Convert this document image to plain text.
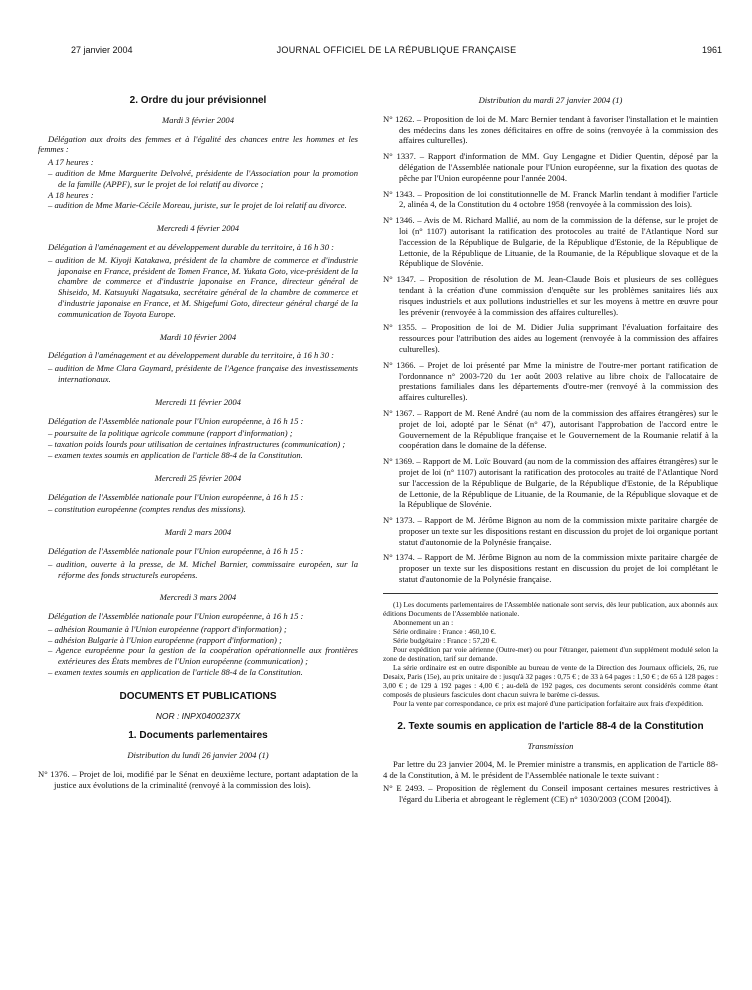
27 janvier 2004	JOURNAL OFFICIEL DE LA RÉPUBLIQUE FRANÇAISE	1961
2. Ordre du jour prévisionnel
Mardi 3 février 2004
Délégation aux droits des femmes et à l'égalité des chances entre les hommes et les femmes :
A 17 heures :
– audition de Mme Marguerite Delvolvé, présidente de l'Association pour la promotion de la famille (APPF), sur le projet de loi relatif au divorce ;
A 18 heures :
– audition de Mme Marie-Cécile Moreau, juriste, sur le projet de loi relatif au divorce.
Mercredi 4 février 2004
Délégation à l'aménagement et au développement durable du territoire, à 16 h 30 :
– audition de M. Kiyoji Katakawa, président de la chambre de commerce et d'industrie japonaise en France, président de Tomen France, M. Yukata Goto, vice-président de la chambre de commerce et d'industrie japonaise en France, directeur général de Shiseido, M. Katsuyuki Nagatsuka, secrétaire général de la chambre de commerce et d'industrie japonaise en France, et M. Shigefumi Goto, directeur général chargé de la communication de Toyota Europe.
Mardi 10 février 2004
Délégation à l'aménagement et au développement durable du territoire, à 16 h 30 :
– audition de Mme Clara Gaymard, présidente de l'Agence française des investissements internationaux.
Mercredi 11 février 2004
Délégation de l'Assemblée nationale pour l'Union européenne, à 16 h 15 :
– poursuite de la politique agricole commune (rapport d'information) ;
– taxation poids lourds pour utilisation de certaines infrastructures (communication) ;
– examen textes soumis en application de l'article 88-4 de la Constitution.
Mercredi 25 février 2004
Délégation de l'Assemblée nationale pour l'Union européenne, à 16 h 15 :
– constitution européenne (comptes rendus des missions).
Mardi 2 mars 2004
Délégation de l'Assemblée nationale pour l'Union européenne, à 16 h 15 :
– audition, ouverte à la presse, de M. Michel Barnier, commissaire européen, sur la réforme des fonds structurels européens.
Mercredi 3 mars 2004
Délégation de l'Assemblée nationale pour l'Union européenne, à 16 h 15 :
– adhésion Roumanie à l'Union européenne (rapport d'information) ;
– adhésion Bulgarie à l'Union européenne (rapport d'information) ;
– Agence européenne pour la gestion de la coopération opérationnelle aux frontières extérieures des États membres de l'Union européenne (communication) ;
– examen textes soumis en application de l'article 88-4 de la Constitution.
DOCUMENTS ET PUBLICATIONS
NOR : INPX0400237X
1. Documents parlementaires
Distribution du lundi 26 janvier 2004 (1)
N° 1376. – Projet de loi, modifié par le Sénat en deuxième lecture, portant adaptation de la justice aux évolutions de la criminalité (renvoyé à la commission des lois).
Distribution du mardi 27 janvier 2004 (1)
N° 1262. – Proposition de loi de M. Marc Bernier tendant à favoriser l'installation et le maintien des médecins dans les zones déficitaires en offre de soins (renvoyée à la commission des affaires culturelles).
N° 1337. – Rapport d'information de MM. Guy Lengagne et Didier Quentin, déposé par la délégation de l'Assemblée nationale pour l'Union européenne, sur la fixation des quotas de pêche par l'Union européenne pour l'année 2004.
N° 1343. – Proposition de loi constitutionnelle de M. Franck Marlin tendant à modifier l'article 2, alinéa 4, de la Constitution du 4 octobre 1958 (renvoyée à la commission des lois).
N° 1346. – Avis de M. Richard Mallié, au nom de la commission de la défense, sur le projet de loi (n° 1107) autorisant la ratification des protocoles au traité de l'Atlantique Nord sur l'accession de la République de Bulgarie, de la République d'Estonie, de la République de Lettonie, de la République de Lituanie, de la Roumanie, de la République slovaque et de la République de Slovénie.
N° 1347. – Proposition de résolution de M. Jean-Claude Bois et plusieurs de ses collègues tendant à la création d'une commission d'enquête sur les problèmes sanitaires liés aux risques industriels et aux pollutions industrielles et sur les moyens à mettre en œuvre pour les prévenir (renvoyée à la commission des affaires culturelles).
N° 1355. – Proposition de loi de M. Didier Julia supprimant l'évaluation forfaitaire des ressources pour l'attribution des aides au logement (renvoyée à la commission des affaires culturelles).
N° 1366. – Projet de loi présenté par Mme la ministre de l'outre-mer portant ratification de l'ordonnance n° 2003-720 du 1er août 2003 relative au libre choix de l'allocataire de prestations familiales dans les départements d'outre-mer (renvoyé à la commission des affaires culturelles).
N° 1367. – Rapport de M. René André (au nom de la commission des affaires étrangères) sur le projet de loi, adopté par le Sénat (n° 47), autorisant l'approbation de l'accord entre le Gouvernement de la République française et le Gouvernement de la Roumanie relatif à la coopération dans le domaine de la défense.
N° 1369. – Rapport de M. Loïc Bouvard (au nom de la commission des affaires étrangères) sur le projet de loi (n° 1107) autorisant la ratification des protocoles au traité de l'Atlantique Nord sur l'accession de la République de Bulgarie, de la République d'Estonie, de la République de Lettonie, de la République de Lituanie, de la Roumanie, de la République slovaque et de la République de Slovénie.
N° 1373. – Rapport de M. Jérôme Bignon au nom de la commission mixte paritaire chargée de proposer un texte sur les dispositions restant en discussion du projet de loi organique portant statut d'autonomie de la Polynésie française.
N° 1374. – Rapport de M. Jérôme Bignon au nom de la commission mixte paritaire chargée de proposer un texte sur les dispositions restant en discussion du projet de loi complétant le statut d'autonomie de la Polynésie française.
(1) Les documents parlementaires de l'Assemblée nationale sont servis, dès leur publication, aux abonnés aux éditions Documents de l'Assemblée nationale.
Abonnement un an :
Série ordinaire : France : 460,10 €.
Série budgétaire : France : 57,20 €.
Pour expédition par voie aérienne (Outre-mer) ou pour l'étranger, paiement d'un supplément modulé selon la zone de destination, tarif sur demande.
La série ordinaire est en outre disponible au bureau de vente de la Direction des Journaux officiels, 26, rue Desaix, Paris (15e), au prix unitaire de : jusqu'à 32 pages : 0,75 € ; de 33 à 64 pages : 1,50 € ; de 65 à 128 pages : 3,00 € ; de 129 à 192 pages : 4,00 € ; au-delà de 192 pages, ces documents seront considérés comme étant composés de plusieurs fascicules dont chacun suivra le barème ci-dessus.
Pour la vente par correspondance, ce prix est majoré d'une participation forfaitaire aux frais d'expédition.
2. Texte soumis en application de l'article 88-4 de la Constitution
Transmission
Par lettre du 23 janvier 2004, M. le Premier ministre a transmis, en application de l'article 88-4 de la Constitution, à M. le président de l'Assemblée nationale le texte suivant :
N° E 2493. – Proposition de règlement du Conseil imposant certaines mesures restrictives à l'égard du Liberia et abrogeant le règlement (CE) n° 1030/2003 (COM [2004]).
